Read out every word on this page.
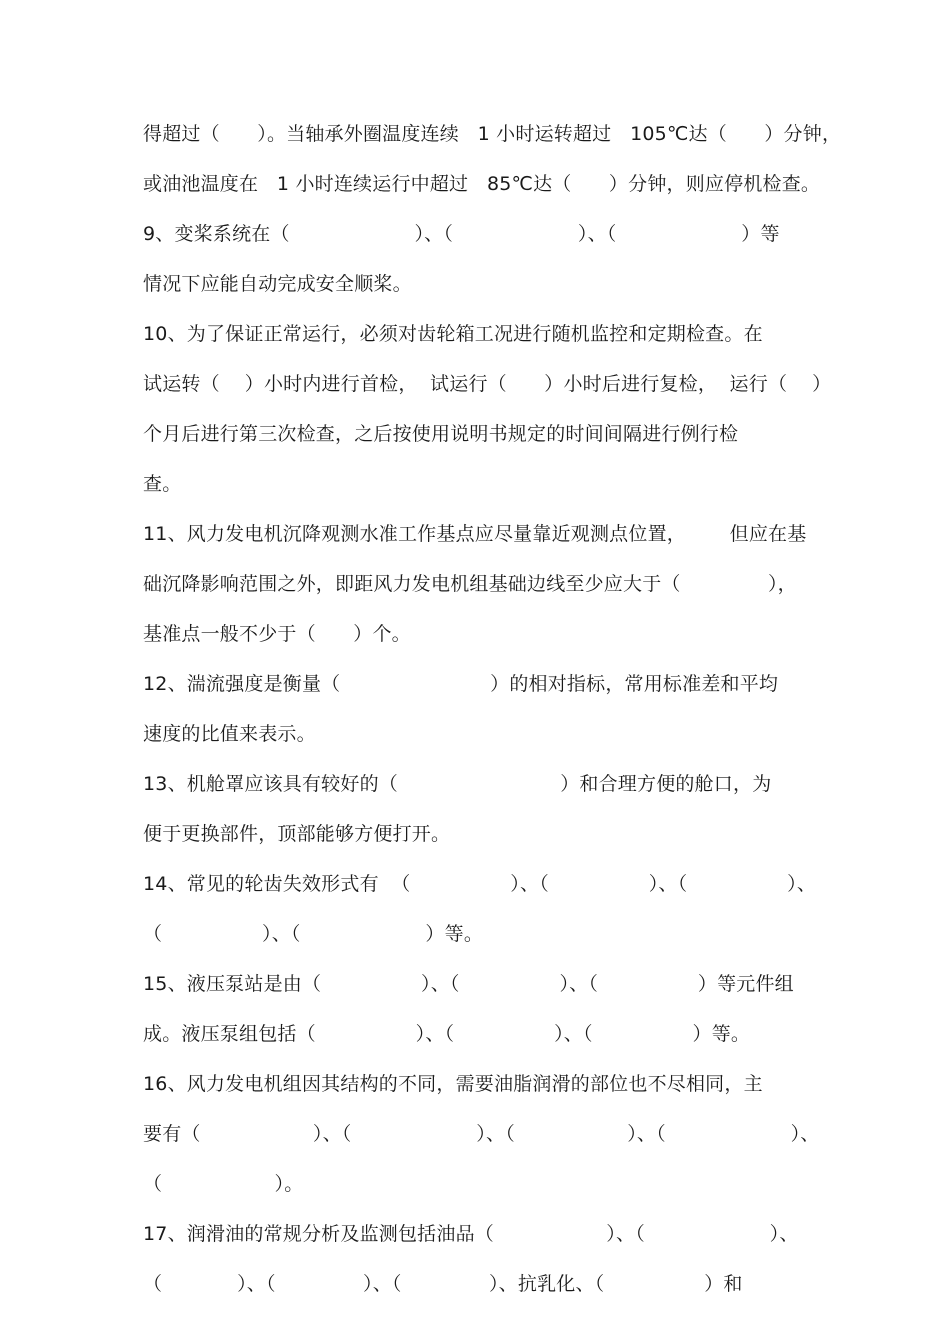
得超过（      ）。当轴承外圈温度连续   1 小时运转超过   105℃达（      ）分钟，
或油池温度在   1 小时连续运行中超过   85℃达（      ）分钟，则应停机检查。
9、变桨系统在（                    ）、（                    ）、（                    ）等
情况下应能自动完成安全顺桨。
10、为了保证正常运行，必须对齿轮箱工况进行随机监控和定期检查。在
试运转（    ）小时内进行首检，  试运行（      ）小时后进行复检，  运行（    ）
个月后进行第三次检查，之后按使用说明书规定的时间间隔进行例行检
查。
11、风力发电机沉降观测水准工作基点应尽量靠近观测点位置，       但应在基
础沉降影响范围之外，即距风力发电机组基础边线至少应大于（              ），
基准点一般不少于（      ）个。
12、湍流强度是衡量（                        ）的相对指标，常用标准差和平均
速度的比值来表示。
13、机舱罩应该具有较好的（                          ）和合理方便的舱口，为
便于更换部件，顶部能够方便打开。
14、常见的轮齿失效形式有  （                ）、（                ）、（                ）、
（                ）、（                    ）等。
15、液压泵站是由（                ）、（                ）、（                ）等元件组
成。液压泵组包括（                ）、（                ）、（                ）等。
16、风力发电机组因其结构的不同，需要油脂润滑的部位也不尽相同，主
要有（                  ）、（                    ）、（                  ）、（                    ）、
（                  ）。
17、润滑油的常规分析及监测包括油品（                  ）、（                    ）、
（            ）、（              ）、（              ）、抗乳化、（                ）和
